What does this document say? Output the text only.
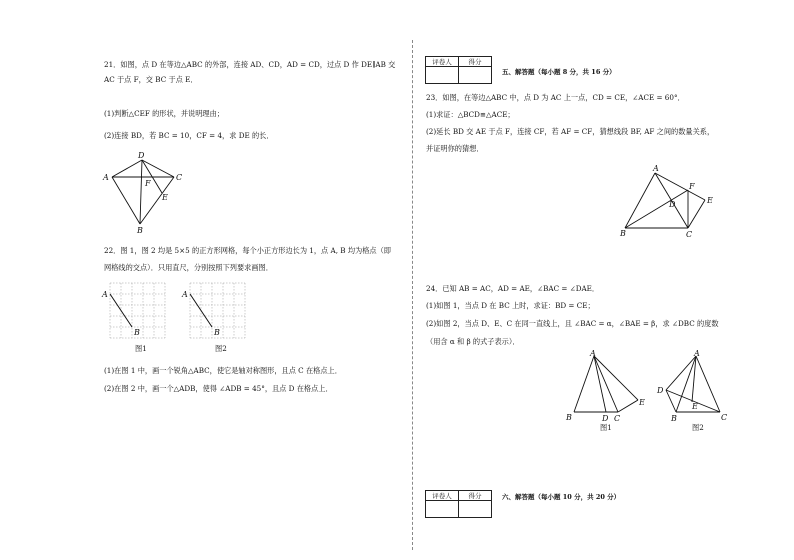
21．如图，点 D 在等边△ABC 的外部，连接 AD、CD，AD = CD，过点 D 作 DE∥AB 交
AC 于点 F，交 BC 于点 E．
(1)判断△CEF 的形状，并说明理由；
(2)连接 BD，若 BC = 10，CF = 4，求 DE 的长．
D
A	C
F
E
B
22．图 1，图 2 均是 5×5 的正方形网格，每个小正方形边长为 1，点 A, B 均为格点（即
网格线的交点）．只用直尺，分别按照下列要求画图．
A
B
图1
A
B
图2
(1)在图 1 中，画一个锐角△ABC，使它是轴对称图形，且点 C 在格点上．
(2)在图 2 中，画一个△ADB，使得 ∠ADB = 45°，且点 D 在格点上．
评卷人	得分

五、解答题（每小题 8 分，共 16 分）
23．如图，在等边△ABC 中，点 D 为 AC 上一点，CD = CE，∠ACE = 60°．
(1)求证：△BCD≌△ACE；
(2)延长 BD 交 AE 于点 F，连接 CF，若 AF = CF，猜想线段 BF, AF 之间的数量关系，
并证明你的猜想．
A
F
D	E
B	C
24．已知 AB = AC，AD = AE，∠BAC = ∠DAE．
(1)如图 1，当点 D 在 BC 上时，求证：BD = CE；
(2)如图 2，当点 D、E、C 在同一直线上，且 ∠BAC = α，∠BAE = β，求 ∠DBC 的度数
（用含 α 和 β 的式子表示）．
A
B	D C
E
图1
A
D
E
B	C
图2
评卷人	得分
		六、解答题（每小题 10 分，共 20 分）
